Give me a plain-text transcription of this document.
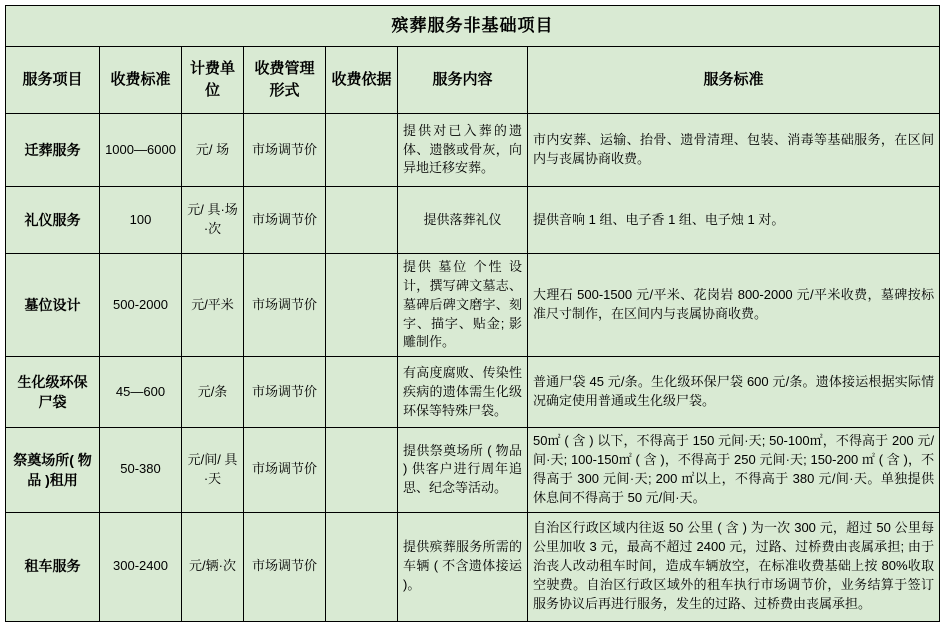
殡葬服务非基础项目						
服务项目	收费标准	计费单位	收费管理形式	收费依据	服务内容	服务标准
迁葬服务	1000—6000	元/ 场	市场调节价		提供对已入葬的遗体、遗骸或骨灰，向异地迁移安葬。	市内安葬、运输、抬骨、遗骨清理、包装、消毒等基础服务，在区间内与丧属协商收费。
礼仪服务	100	元/ 具·场·次	市场调节价		提供落葬礼仪	提供音响 1 组、电子香 1 组、电子烛 1 对。
墓位设计	500-2000	元/平米	市场调节价		提供 墓位 个性 设计，撰写碑文墓志、墓碑后碑文磨字、刻字、描字、贴金; 影雕制作。	大理石 500-1500 元/平米、花岗岩 800-2000 元/平米收费，墓碑按标准尺寸制作，在区间内与丧属协商收费。
生化级环保尸袋	45—600	元/条	市场调节价		有高度腐败、传染性疾病的遗体需生化级环保等特殊尸袋。	普通尸袋 45 元/条。生化级环保尸袋 600 元/条。遗体接运根据实际情况确定使用普通或生化级尸袋。
祭奠场所( 物品 )租用	50-380	元/间/ 具·天	市场调节价		提供祭奠场所 ( 物品 ) 供客户进行周年追思、纪念等活动。	50㎡ ( 含 ) 以下，不得高于 150 元间·天; 50-100㎡，不得高于 200 元/间·天; 100-150㎡ ( 含 )，不得高于 250 元间·天; 150-200 ㎡ ( 含 )，不得高于 300 元间·天; 200 ㎡以上，不得高于 380 元/间·天。单独提供休息间不得高于 50 元/间·天。
租车服务	300-2400	元/辆·次	市场调节价		提供殡葬服务所需的车辆 ( 不含遗体接运 )。	自治区行政区域内往返 50 公里 ( 含 ) 为一次 300 元，超过 50 公里每公里加收 3 元，最高不超过 2400 元，过路、过桥费由丧属承担; 由于治丧人改动租车时间，造成车辆放空，在标准收费基础上按 80%收取空驶费。自治区行政区域外的租车执行市场调节价，业务结算于签订服务协议后再进行服务，发生的过路、过桥费由丧属承担。
